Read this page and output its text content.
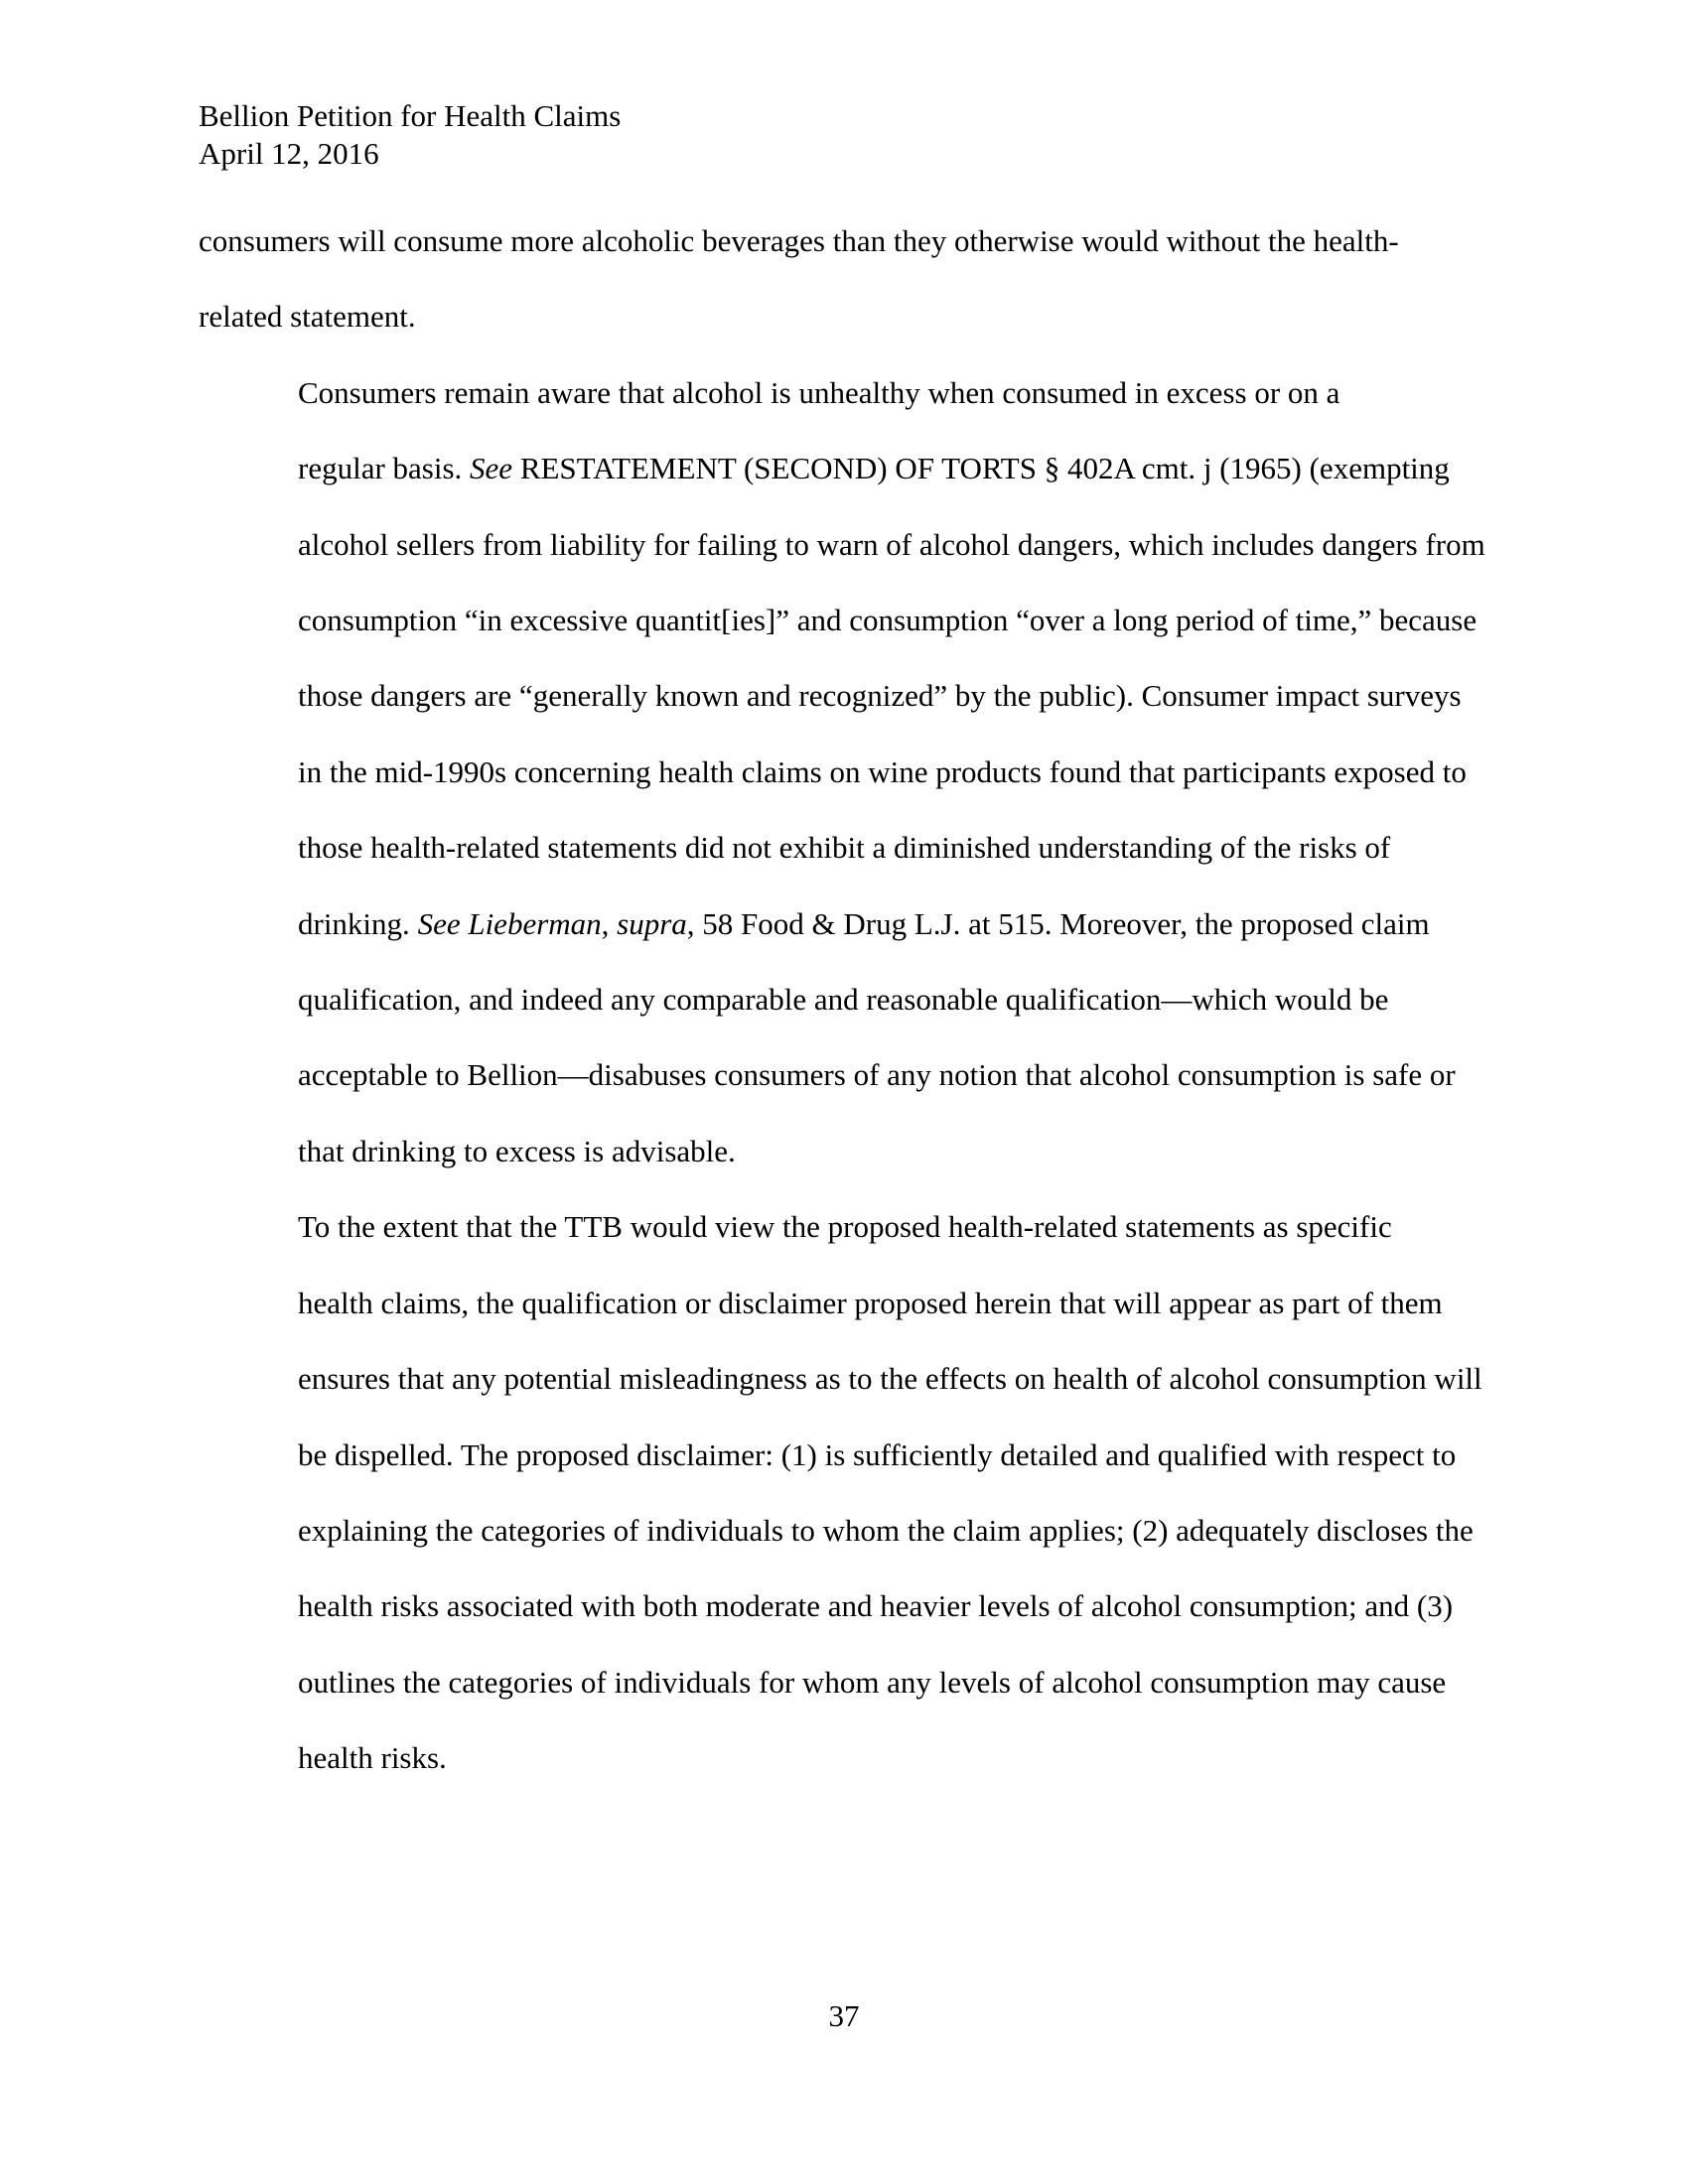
Bellion Petition for Health Claims
April 12, 2016

consumers will consume more alcoholic beverages than they otherwise would without the health-
related statement.

Consumers remain aware that alcohol is unhealthy when consumed in excess or on a
regular basis. See RESTATEMENT (SECOND) OF TORTS § 402A cmt. j (1965) (exempting
alcohol sellers from liability for failing to warn of alcohol dangers, which includes dangers from
consumption “in excessive quantit[ies]” and consumption “over a long period of time,” because
those dangers are “generally known and recognized” by the public). Consumer impact surveys
in the mid-1990s concerning health claims on wine products found that participants exposed to
those health-related statements did not exhibit a diminished understanding of the risks of
drinking. See Lieberman, supra, 58 Food & Drug L.J. at 515. Moreover, the proposed claim
qualification, and indeed any comparable and reasonable qualification—which would be
acceptable to Bellion—disabuses consumers of any notion that alcohol consumption is safe or
that drinking to excess is advisable.

To the extent that the TTB would view the proposed health-related statements as specific
health claims, the qualification or disclaimer proposed herein that will appear as part of them
ensures that any potential misleadingness as to the effects on health of alcohol consumption will
be dispelled. The proposed disclaimer: (1) is sufficiently detailed and qualified with respect to
explaining the categories of individuals to whom the claim applies; (2) adequately discloses the
health risks associated with both moderate and heavier levels of alcohol consumption; and (3)
outlines the categories of individuals for whom any levels of alcohol consumption may cause
health risks.

37
